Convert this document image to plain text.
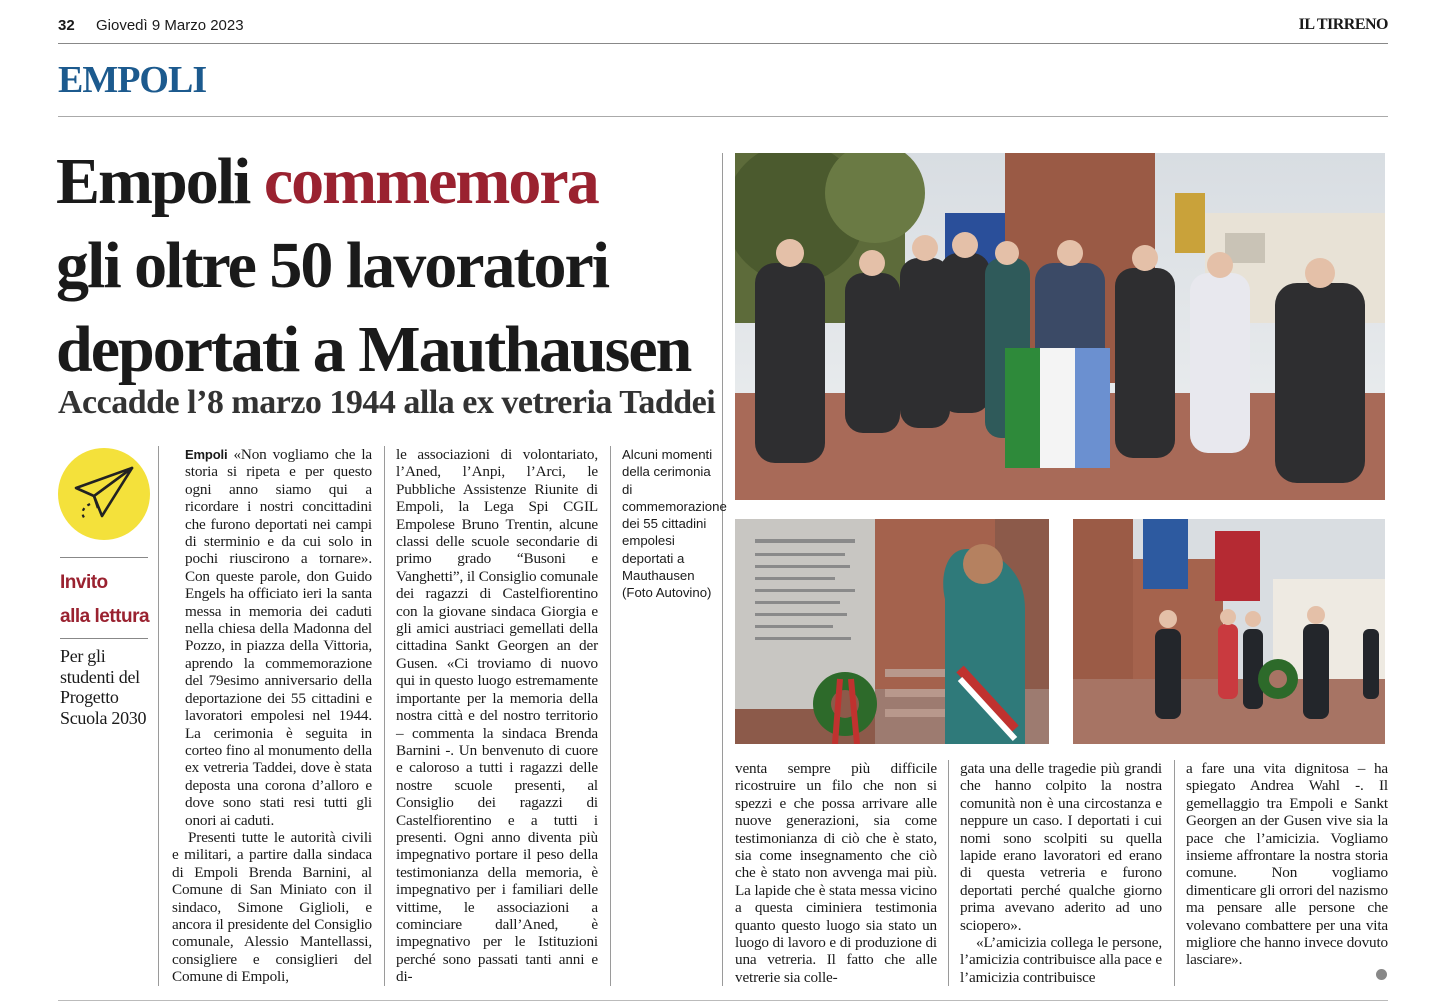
32 Giovedì 9 Marzo 2023	IL TIRRENO
EMPOLI
Empoli commemora
gli oltre 50 lavoratori deportati a Mauthausen
Accadde l’8 marzo 1944 alla ex vetreria Taddei
Invito
alla lettura
Per gli studenti del Progetto Scuola 2030
Empoli «Non vogliamo che la storia si ripeta e per questo ogni anno siamo qui a ricordare i nostri concittadini che furono deportati nei campi di sterminio e da cui solo in pochi riuscirono a tornare». Con queste parole, don Guido Engels ha officiato ieri la santa messa in memoria dei caduti nella chiesa della Madonna del Pozzo, in piazza della Vittoria, aprendo la commemorazione del 79esimo anniversario della deportazione dei 55 cittadini e lavoratori empolesi nel 1944. La cerimonia è seguita in corteo fino al monumento della ex vetreria Taddei, dove è stata deposta una corona d’alloro e dove sono stati resi tutti gli onori ai caduti.
Presenti tutte le autorità civili e militari, a partire dalla sindaca di Empoli Brenda Barnini, al Comune di San Miniato con il sindaco, Simone Giglioli, e ancora il presidente del Consiglio comunale, Alessio Mantellassi, consigliere e consiglieri del Comune di Empoli,
le associazioni di volontariato, l’Aned, l’Anpi, l’Arci, le Pubbliche Assistenze Riunite di Empoli, la Lega Spi CGIL Empolese Bruno Trentin, alcune classi delle scuole secondarie di primo grado “Busoni e Vanghetti”, il Consiglio comunale dei ragazzi di Castelfiorentino con la giovane sindaca Giorgia e gli amici austriaci gemellati della cittadina Sankt Georgen an der Gusen. «Ci troviamo di nuovo qui in questo luogo estremamente importante per la memoria della nostra città e del nostro territorio – commenta la sindaca Brenda Barnini -. Un benvenuto di cuore e caloroso a tutti i ragazzi delle nostre scuole presenti, al Consiglio dei ragazzi di Castelfiorentino e a tutti i presenti. Ogni anno diventa più impegnativo portare il peso della testimonianza della memoria, è impegnativo per i familiari delle vittime, le associazioni a cominciare dall’Aned, è impegnativo per le Istituzioni perché sono passati tanti anni e di-
Alcuni momenti della cerimonia di commemorazione dei 55 cittadini empolesi deportati a Mauthausen (Foto Autovino)
venta sempre più difficile ricostruire un filo che non si spezzi e che possa arrivare alle nuove generazioni, sia come testimonianza di ciò che è stato, sia come insegnamento che ciò che è stato non avvenga mai più. La lapide che è stata messa vicino a questa ciminiera testimonia quanto questo luogo sia stato un luogo di lavoro e di produzione di una vetreria. Il fatto che alle vetrerie sia colle-
gata una delle tragedie più grandi che hanno colpito la nostra comunità non è una circostanza e neppure un caso. I deportati i cui nomi sono scolpiti su quella lapide erano lavoratori ed erano di questa vetreria e furono deportati perché qualche giorno prima avevano aderito ad uno sciopero».
«L’amicizia collega le persone, l’amicizia contribuisce alla pace e l’amicizia contribuisce
a fare una vita dignitosa – ha spiegato Andrea Wahl -. Il gemellaggio tra Empoli e Sankt Georgen an der Gusen vive sia la pace che l’amicizia. Vogliamo insieme affrontare la nostra storia comune. Non vogliamo dimenticare gli orrori del nazismo ma pensare alle persone che volevano combattere per una vita migliore che hanno invece dovuto lasciare».
